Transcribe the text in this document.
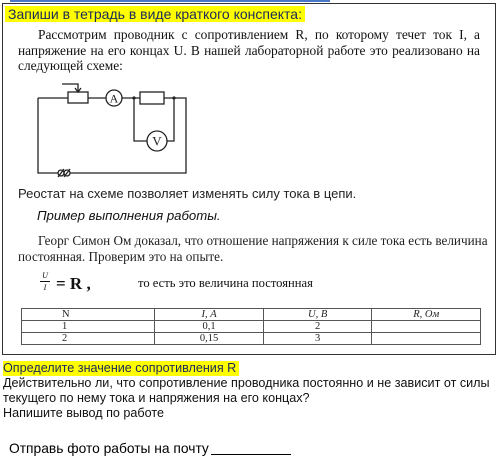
Запиши в тетрадь в виде краткого конспекта:
Рассмотрим проводник с сопротивлением R, по которому течет ток I, а напряжение на его концах U. В нашей лабораторной работе это реализовано на следующей схеме:
A
V
Реостат на схеме позволяет изменять силу тока в цепи.
Пример выполнения работы.
Георг Симон Ом доказал, что отношение напряжения к силе тока есть величина постоянная. Проверим это на опыте.
U
I = R ,	то есть это величина постоянная
N	I, А	U, В	R, Ом
1	0,1	2	
2	0,15	3	
Определите значение сопротивления R
Действительно ли, что сопротивление проводника постоянно и не зависит от силы
текущего по нему тока и напряжения на его концах?
Напишите вывод по работе
Отправь фото работы на почту
